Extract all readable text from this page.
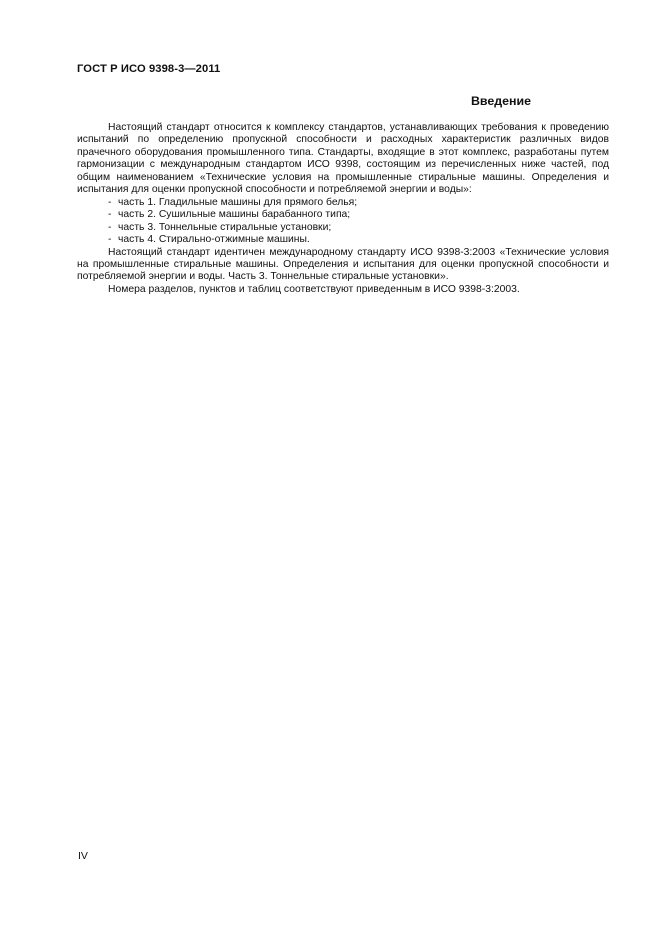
ГОСТ Р ИСО 9398-3—2011
Введение

Настоящий стандарт относится к комплексу стандартов, устанавливающих требования к проведению испытаний по определению пропускной способности и расходных характеристик различных видов прачечного оборудования промышленного типа. Стандарты, входящие в этот комплекс, разработаны путем гармонизации с международным стандартом ИСО 9398, состоящим из перечисленных ниже частей, под общим наименованием «Технические условия на промышленные стиральные машины. Определения и испытания для оценки пропускной способности и потребляемой энергии и воды»:

- часть 1. Гладильные машины для прямого белья;
- часть 2. Сушильные машины барабанного типа;
- часть 3. Тоннельные стиральные установки;
- часть 4. Стирально-отжимные машины.

Настоящий стандарт идентичен международному стандарту ИСО 9398-3:2003 «Технические условия на промышленные стиральные машины. Определения и испытания для оценки пропускной способности и потребляемой энергии и воды. Часть 3. Тоннельные стиральные установки».

Номера разделов, пунктов и таблиц соответствуют приведенным в ИСО 9398-3:2003.

IV
